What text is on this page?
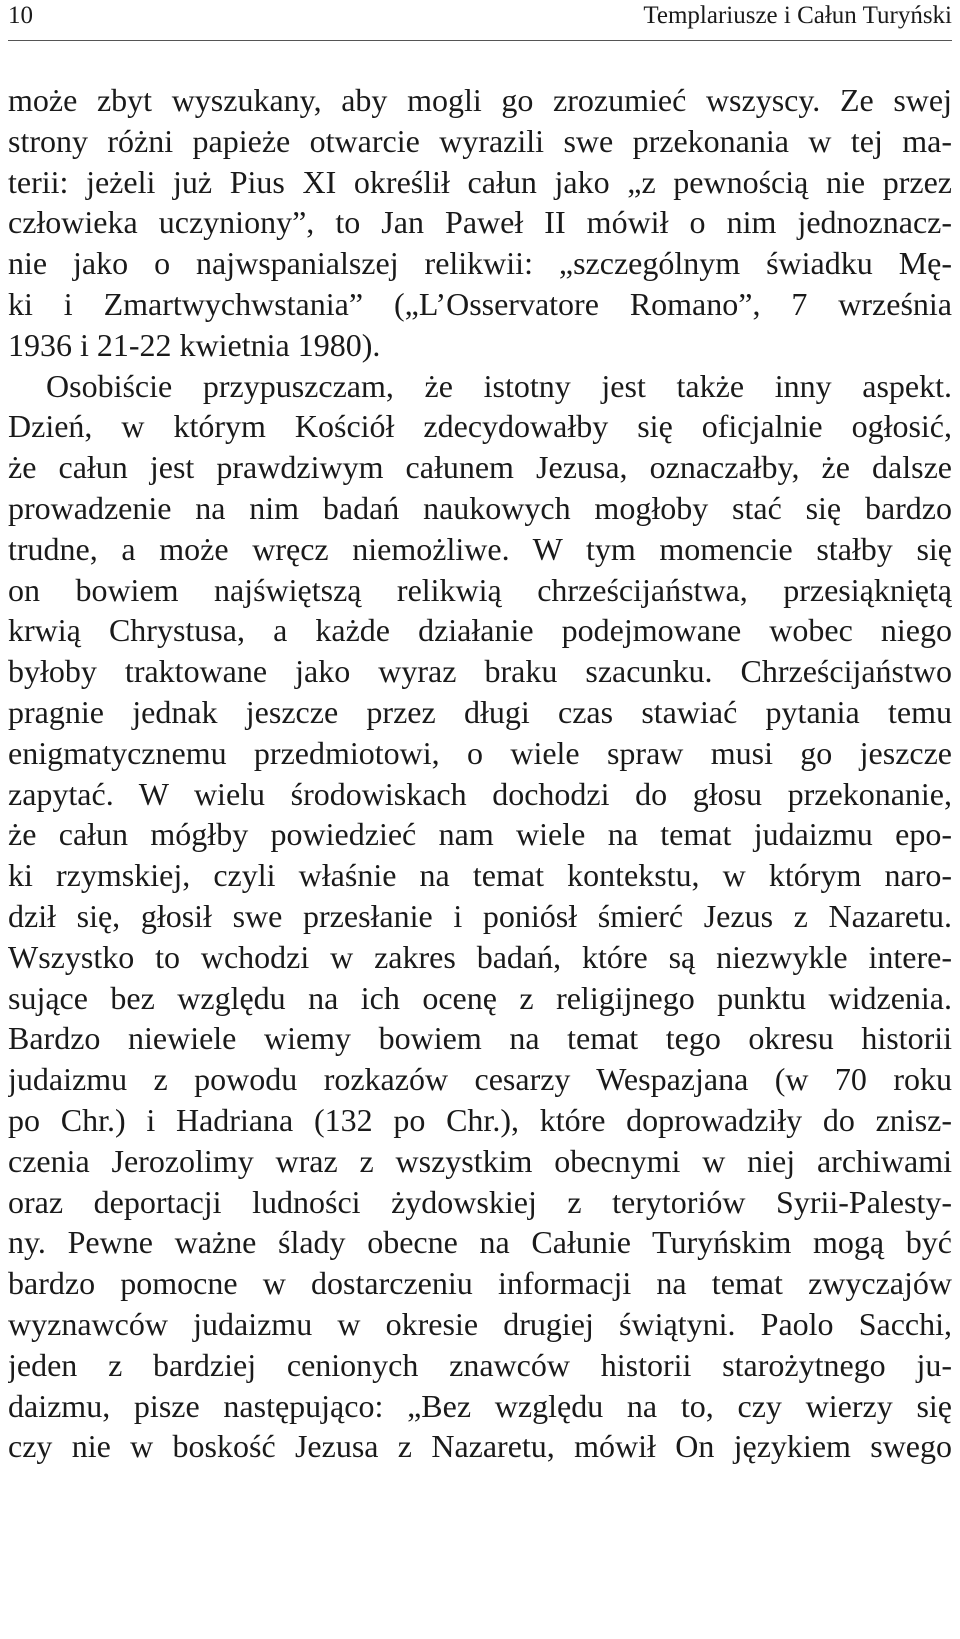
10	Templariusze i Całun Turyński

może zbyt wyszukany, aby mogli go zrozumieć wszyscy. Ze swej

strony różni papieże otwarcie wyrazili swe przekonania w tej ma-

terii: jeżeli już Pius XI określił całun jako „z pewnością nie przez

człowieka uczyniony”, to Jan Paweł II mówił o nim jednoznacz-

nie jako o najwspanialszej relikwii: „szczególnym świadku Mę-

ki i Zmartwychwstania” („L’Osservatore Romano”, 7 września

1936 i 21-22 kwietnia 1980).

Osobiście przypuszczam, że istotny jest także inny aspekt.

Dzień, w którym Kościół zdecydowałby się oficjalnie ogłosić,

że całun jest prawdziwym całunem Jezusa, oznaczałby, że dalsze

prowadzenie na nim badań naukowych mogłoby stać się bardzo

trudne, a może wręcz niemożliwe. W tym momencie stałby się

on bowiem najświętszą relikwią chrześcijaństwa, przesiąkniętą

krwią Chrystusa, a każde działanie podejmowane wobec niego

byłoby traktowane jako wyraz braku szacunku. Chrześcijaństwo

pragnie jednak jeszcze przez długi czas stawiać pytania temu

enigmatycznemu przedmiotowi, o wiele spraw musi go jeszcze

zapytać. W wielu środowiskach dochodzi do głosu przekonanie,

że całun mógłby powiedzieć nam wiele na temat judaizmu epo-

ki rzymskiej, czyli właśnie na temat kontekstu, w którym naro-

dził się, głosił swe przesłanie i poniósł śmierć Jezus z Nazaretu.

Wszystko to wchodzi w zakres badań, które są niezwykle intere-

sujące bez względu na ich ocenę z religijnego punktu widzenia.

Bardzo niewiele wiemy bowiem na temat tego okresu historii

judaizmu z powodu rozkazów cesarzy Wespazjana (w 70 roku

po Chr.) i Hadriana (132 po Chr.), które doprowadziły do znisz-

czenia Jerozolimy wraz z wszystkim obecnymi w niej archiwami

oraz deportacji ludności żydowskiej z terytoriów Syrii-Palesty-

ny. Pewne ważne ślady obecne na Całunie Turyńskim mogą być

bardzo pomocne w dostarczeniu informacji na temat zwyczajów

wyznawców judaizmu w okresie drugiej świątyni. Paolo Sacchi,

jeden z bardziej cenionych znawców historii starożytnego ju-

daizmu, pisze następująco: „Bez względu na to, czy wierzy się

czy nie w boskość Jezusa z Nazaretu, mówił On językiem swego
